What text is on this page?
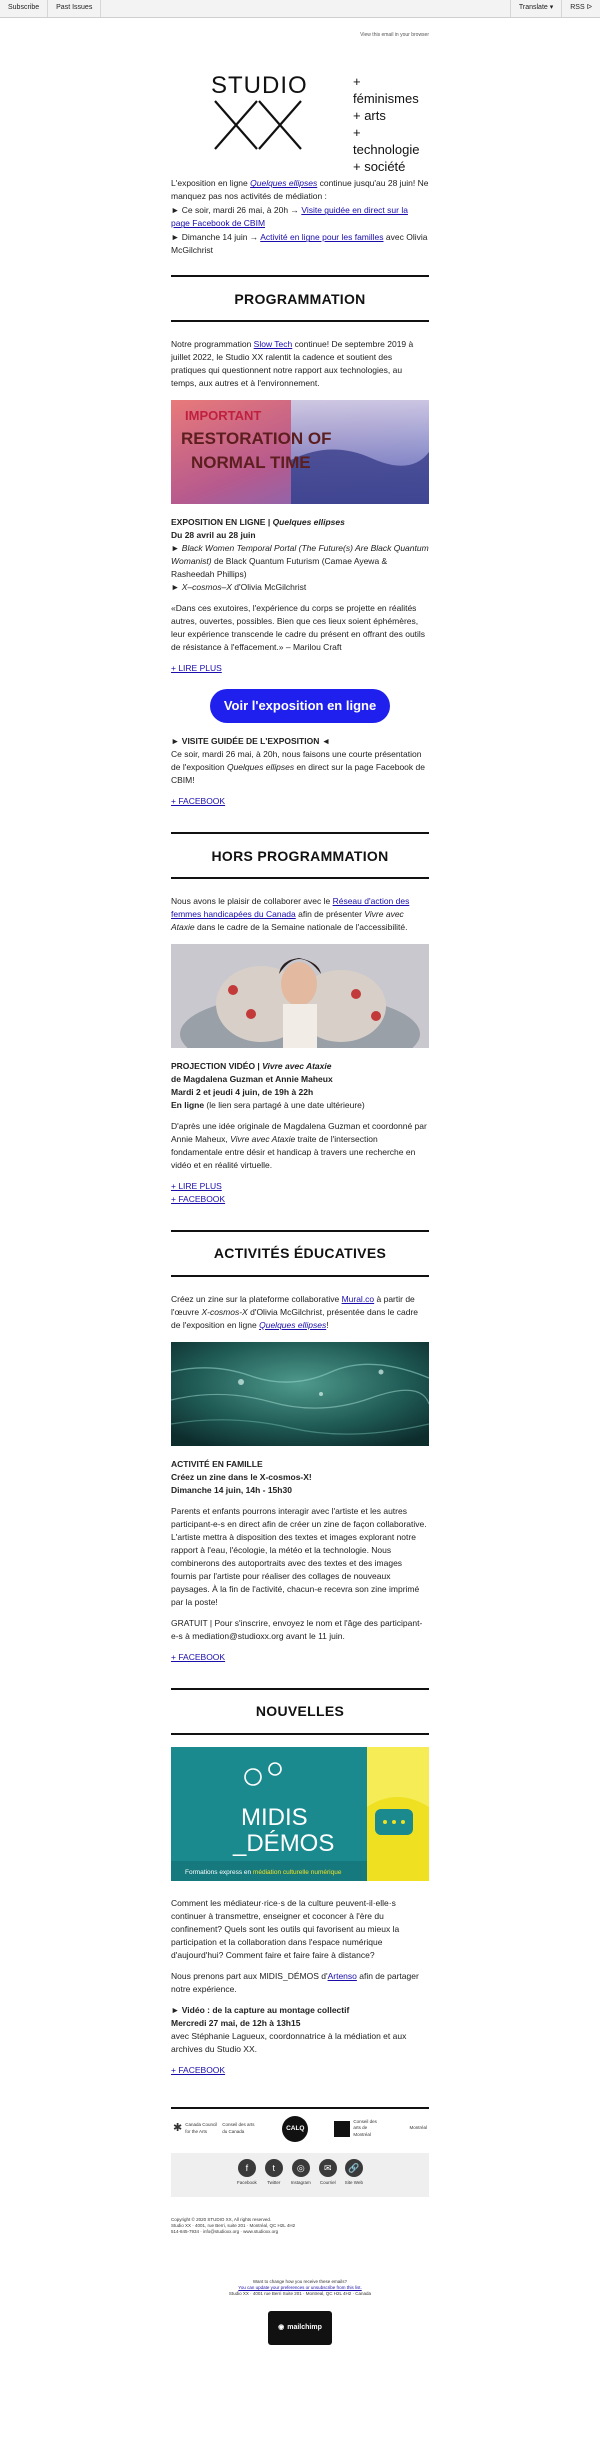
Subscribe	Past Issues	Translate ▾	RSS
ᐅ
View this email in your browser
STUDIO	+ féminismes
+ arts
+ technologie
+ société

L'exposition en ligne Quelques ellipses continue jusqu'au 28 juin! Ne manquez pas nos activités de médiation :

► Ce soir, mardi 26 mai, à 20h → Visite guidée en direct sur la page Facebook de CBIM

► Dimanche 14 juin → Activité en ligne pour les familles avec Olivia McGilchrist

PROGRAMMATION

Notre programmation Slow Tech continue! De septembre 2019 à juillet 2022, le Studio XX ralentit la cadence et soutient des pratiques qui questionnent notre rapport aux technologies, au temps, aux autres et à l'environnement.

IMPORTANT
RESTORATION OF
NORMAL TIME

EXPOSITION EN LIGNE | Quelques ellipses
Du 28 avril au 28 juin
► Black Women Temporal Portal (The Future(s) Are Black Quantum Womanist) de Black Quantum Futurism (Camae Ayewa & Rasheedah Phillips)
► X–cosmos–X d'Olivia McGilchrist

«Dans ces exutoires, l'expérience du corps se projette en réalités autres, ouvertes, possibles. Bien que ces lieux soient éphémères, leur expérience transcende le cadre du présent en offrant des outils de résistance à l'effacement.» – Marilou Craft

+ LIRE PLUS

Voir l'exposition en ligne

► VISITE GUIDÉE DE L'EXPOSITION ◄
Ce soir, mardi 26 mai, à 20h, nous faisons une courte présentation de l'exposition Quelques ellipses en direct sur la page Facebook de CBIM!

+ FACEBOOK

HORS PROGRAMMATION

Nous avons le plaisir de collaborer avec le Réseau d'action des femmes handicapées du Canada afin de présenter Vivre avec Ataxie dans le cadre de la Semaine nationale de l'accessibilité.

PROJECTION VIDÉO | Vivre avec Ataxie
de Magdalena Guzman et Annie Maheux
Mardi 2 et jeudi 4 juin, de 19h à 22h
En ligne (le lien sera partagé à une date ultérieure)

D'après une idée originale de Magdalena Guzman et coordonné par Annie Maheux, Vivre avec Ataxie traite de l'intersection fondamentale entre désir et handicap à travers une recherche en vidéo et en réalité virtuelle.

+ LIRE PLUS

+ FACEBOOK

ACTIVITÉS ÉDUCATIVES

Créez un zine sur la plateforme collaborative Mural.co à partir de l'œuvre X-cosmos-X d'Olivia McGilchrist, présentée dans le cadre de l'exposition en ligne Quelques ellipses!

ACTIVITÉ EN FAMILLE
Créez un zine dans le X-cosmos-X!
Dimanche 14 juin, 14h - 15h30

Parents et enfants pourrons interagir avec l'artiste et les autres participant-e-s en direct afin de créer un zine de façon collaborative. L'artiste mettra à disposition des textes et images explorant notre rapport à l'eau, l'écologie, la météo et la technologie. Nous combinerons des autoportraits avec des textes et des images fournis par l'artiste pour réaliser des collages de nouveaux paysages. À la fin de l'activité, chacun-e recevra son zine imprimé par la poste!

GRATUIT | Pour s'inscrire, envoyez le nom et l'âge des participant-e-s à mediation@studioxx.org avant le 11 juin.

+ FACEBOOK

NOUVELLES
MIDIS
_DÉMOS
Formations express en médiation culturelle numérique

Comment les médiateur·rice·s de la culture peuvent-il·elle·s continuer à transmettre, enseigner et coconcer à l'ère du confinement? Quels sont les outils qui favorisent au mieux la participation et la collaboration dans l'espace numérique d'aujourd'hui? Comment faire et faire faire à distance?

Nous prenons part aux MIDIS_DÉMOS d'Artenso afin de partager notre expérience.

► Vidéo : de la capture au montage collectif
Mercredi 27 mai, de 12h à 13h15
avec Stéphanie Lagueux, coordonnatrice à la médiation et aux archives du Studio XX.

+ FACEBOOK

✱ Canada Council for the Arts
Conseil des arts du Canada	CALQ
Conseil des arts de Montréal
Montréal
f
Facebook
t
Twitter
◎
Instagram
✉
Courriel
🔗
Site Web
Copyright © 2020 STUDIO XX, All rights reserved.
Studio XX · 4001, rue Berri, suite 201 · Montréal, QC H2L 4H2
514-845-7934 · info@studioxx.org · www.studioxx.org
Want to change how you receive these emails?
You can update your preferences or unsubscribe from this list.
Studio XX · 4001 rue Berri Suite 201 · Montreal, QC H2L 4H2 · Canada
◉ mailchimp
